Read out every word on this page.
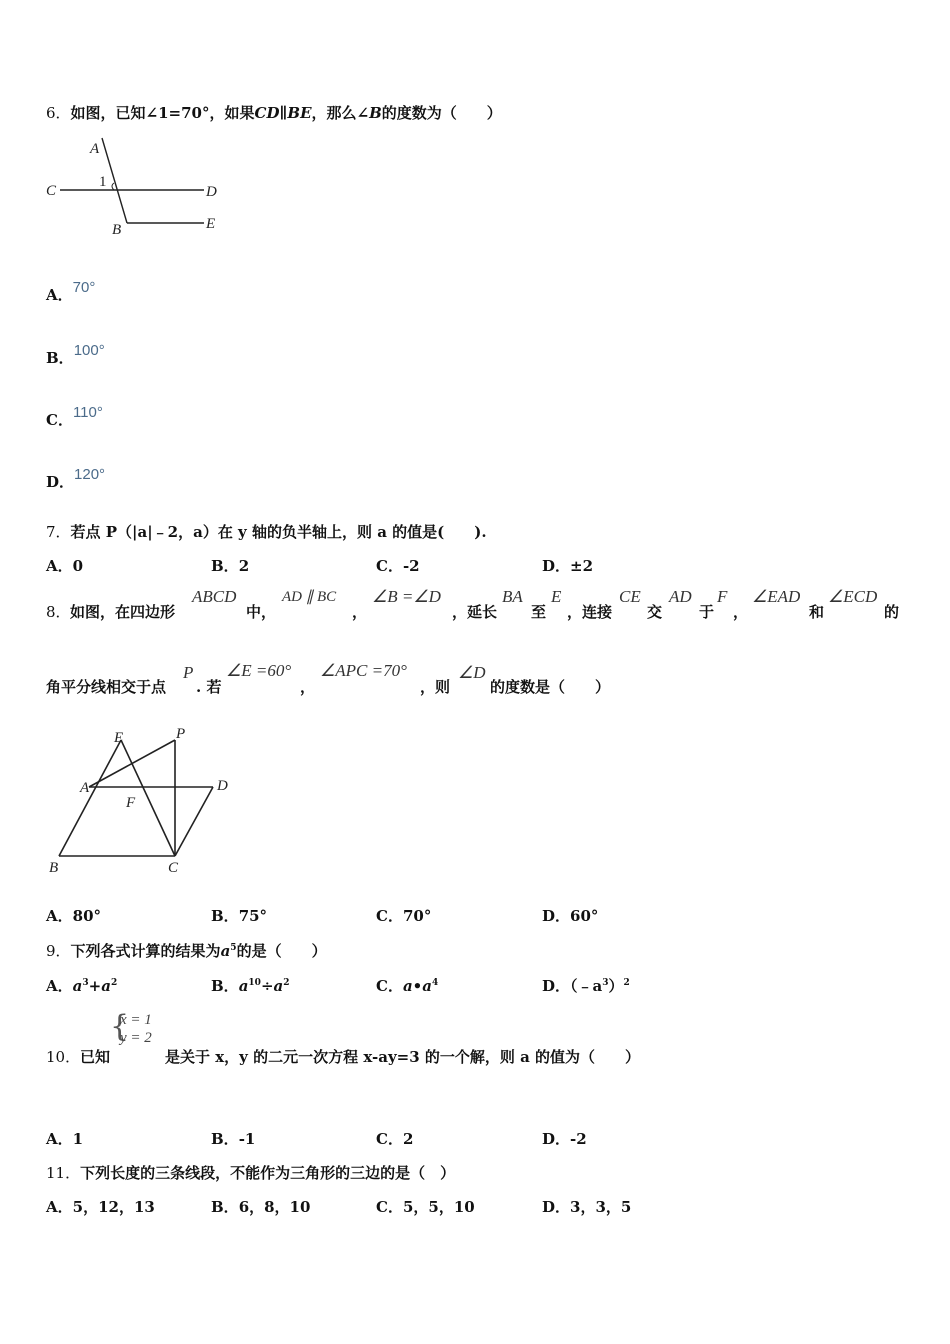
6．如图，已知∠1=70°，如果CD∥BE，那么∠B的度数为（　　）
A
1
C	D
B	E
A．70°
B．100°
C．110°
D．120°
7．若点 P（|a|﹣2，a）在 y 轴的负半轴上，则 a 的值是(　　).
A．0	B．2	C．-2	D．±2
8． 如图，在四边形
ABCD
中，
AD ∥ BC
，
∠B =∠D
，延长
BA
至
E
，连接
CE
交
AD
于
F
，
∠EAD
和
∠ECD
的
角平分线相交于点
P
. 若
∠E =60°
，
∠APC =70°
，则
∠D
的度数是（　　）
E	P
A
F
D
B	C
A．80°	B．75°	C．70°	D．60°
9．下列各式计算的结果为$a^5$的是（　　）
A．$a^3+a^2$	B．$a^{10}\div a^2$	C．$a•a^4$	D．$(﹣a^3)^2$
10． 已知
{
x = 1
y = 2
是关于 x，y 的二元一次方程 x-ay=3 的一个解，则 a 的值为（　　）
A．1	B．-1	C．2	D．-2
11．下列长度的三条线段，不能作为三角形的三边的是（　）
A．5，12，13	B．6，8，10	C．5，5，10	D．3，3，5
